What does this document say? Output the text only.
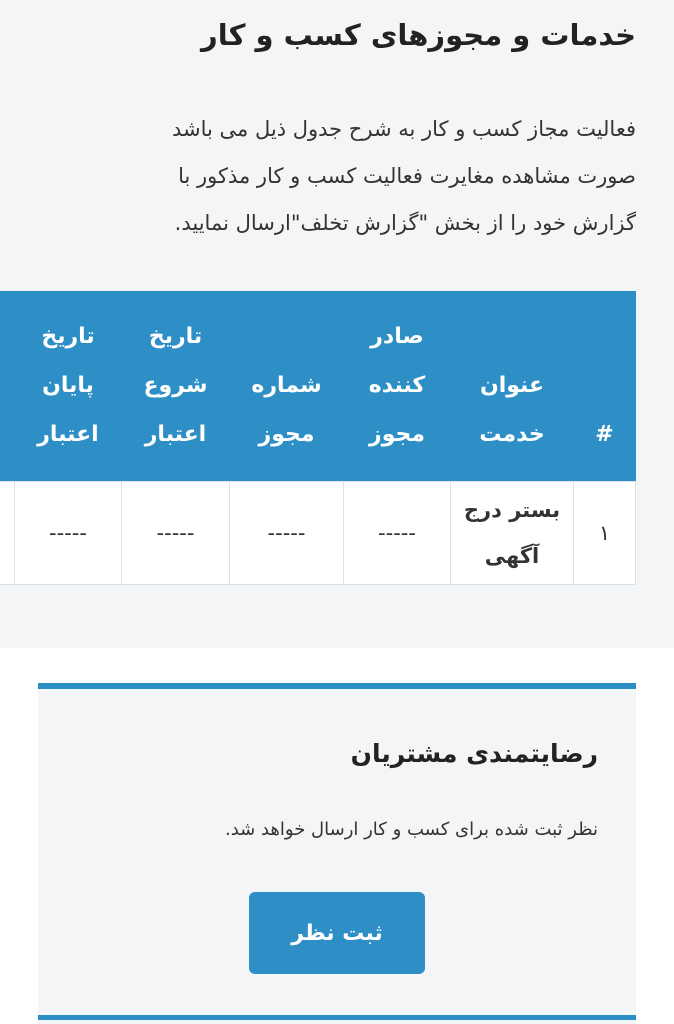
خدمات و مجوزهای کسب و کار

فعالیت مجاز کسب و کار به شرح جدول ذیل می باشد
صورت مشاهده مغایرت فعالیت کسب و کار مذکور با
گزارش خود را از بخش "گزارش تخلف"ارسال نمایید.

#	عنوان خدمت	صادر کننده مجوز	شماره مجوز	تاریخ شروع اعتبار	تاریخ پایان اعتبار	
۱	بستر درج آگهی	-----	-----	-----	-----	
رضایتمندی مشتریان

نظر ثبت شده برای کسب و کار ارسال خواهد شد.

ثبت نظر
